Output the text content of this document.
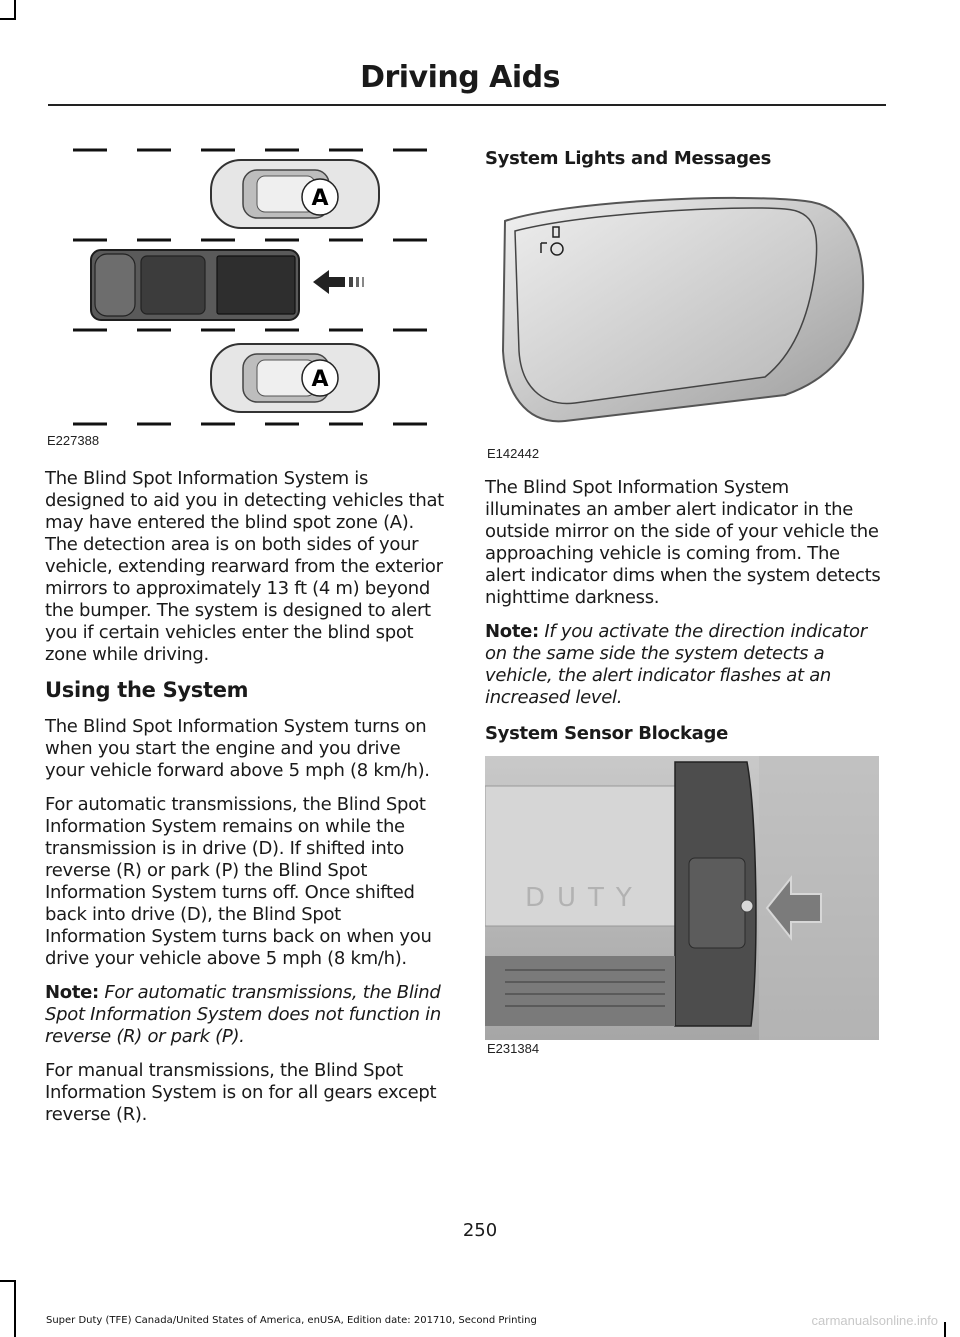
Driving Aids
A
A
E227388

The Blind Spot Information System is designed to aid you in detecting vehicles that may have entered the blind spot zone (A). The detection area is on both sides of your vehicle, extending rearward from the exterior mirrors to approximately 13 ft (4 m) beyond the bumper. The system is designed to alert you if certain vehicles enter the blind spot zone while driving.

Using the System

The Blind Spot Information System turns on when you start the engine and you drive your vehicle forward above 5 mph (8 km/h).

For automatic transmissions, the Blind Spot Information System remains on while the transmission is in drive (D). If shifted into reverse (R) or park (P) the Blind Spot Information System turns off. Once shifted back into drive (D), the Blind Spot Information System turns back on when you drive your vehicle above 5 mph (8 km/h).

Note: For automatic transmissions, the Blind Spot Information System does not function in reverse (R) or park (P).

For manual transmissions, the Blind Spot Information System is on for all gears except reverse (R).

System Lights and Messages
E142442

The Blind Spot Information System illuminates an amber alert indicator in the outside mirror on the side of your vehicle the approaching vehicle is coming from. The alert indicator dims when the system detects nighttime darkness.

Note: If you activate the direction indicator on the same side the system detects a vehicle, the alert indicator flashes at an increased level.

System Sensor Blockage
DUTY
E231384
250
Super Duty (TFE) Canada/United States of America, enUSA, Edition date: 201710, Second Printing	carmanualsonline.info
